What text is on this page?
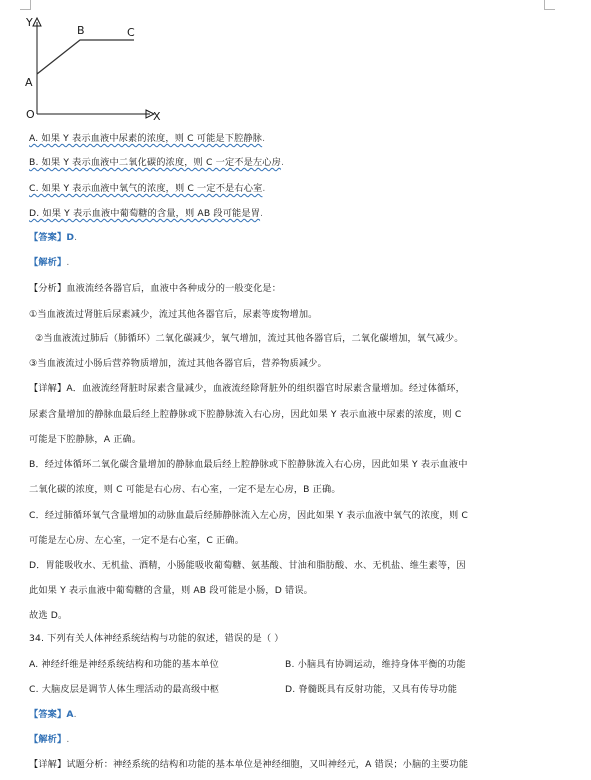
Y
X
O
A
B	C
A. 如果 Y 表示血液中尿素的浓度，则 C 可能是下腔静脉.
B. 如果 Y 表示血液中二氧化碳的浓度，则 C 一定不是左心房.
C. 如果 Y 表示血液中氧气的浓度，则 C 一定不是右心室.
D. 如果 Y 表示血液中葡萄糖的含量，则 AB 段可能是胃.
【答案】D.
【解析】.
【分析】血液流经各器官后，血液中各种成分的一般变化是：
①当血液流过肾脏后尿素减少，流过其他各器官后，尿素等废物增加。
②当血液流过肺后（肺循环）二氧化碳减少，氧气增加，流过其他各器官后，二氧化碳增加，氧气减少。
③当血液流过小肠后营养物质增加，流过其他各器官后，营养物质减少。
【详解】A．血液流经肾脏时尿素含量减少，血液流经除肾脏外的组织器官时尿素含量增加。经过体循环，
尿素含量增加的静脉血最后经上腔静脉或下腔静脉流入右心房，因此如果 Y 表示血液中尿素的浓度，则 C
可能是下腔静脉，A 正确。
B．经过体循环二氧化碳含量增加的静脉血最后经上腔静脉或下腔静脉流入右心房，因此如果 Y 表示血液中
二氧化碳的浓度，则 C 可能是右心房、右心室，一定不是左心房，B 正确。
C．经过肺循环氧气含量增加的动脉血最后经肺静脉流入左心房，因此如果 Y 表示血液中氧气的浓度，则 C
可能是左心房、左心室，一定不是右心室，C 正确。
D．胃能吸收水、无机盐、酒精，小肠能吸收葡萄糖、氨基酸、甘油和脂肪酸、水、无机盐、维生素等，因
此如果 Y 表示血液中葡萄糖的含量，则 AB 段可能是小肠，D 错误。
故选 D。
34. 下列有关人体神经系统结构与功能的叙述，错误的是（ ）
A. 神经纤维是神经系统结构和功能的基本单位	B. 小脑具有协调运动，维持身体平衡的功能
C. 大脑皮层是调节人体生理活动的最高级中枢	D. 脊髓既具有反射功能，又具有传导功能
【答案】A.
【解析】.
【详解】试题分析：神经系统的结构和功能的基本单位是神经细胞，又叫神经元，A 错误；小脑的主要功能
